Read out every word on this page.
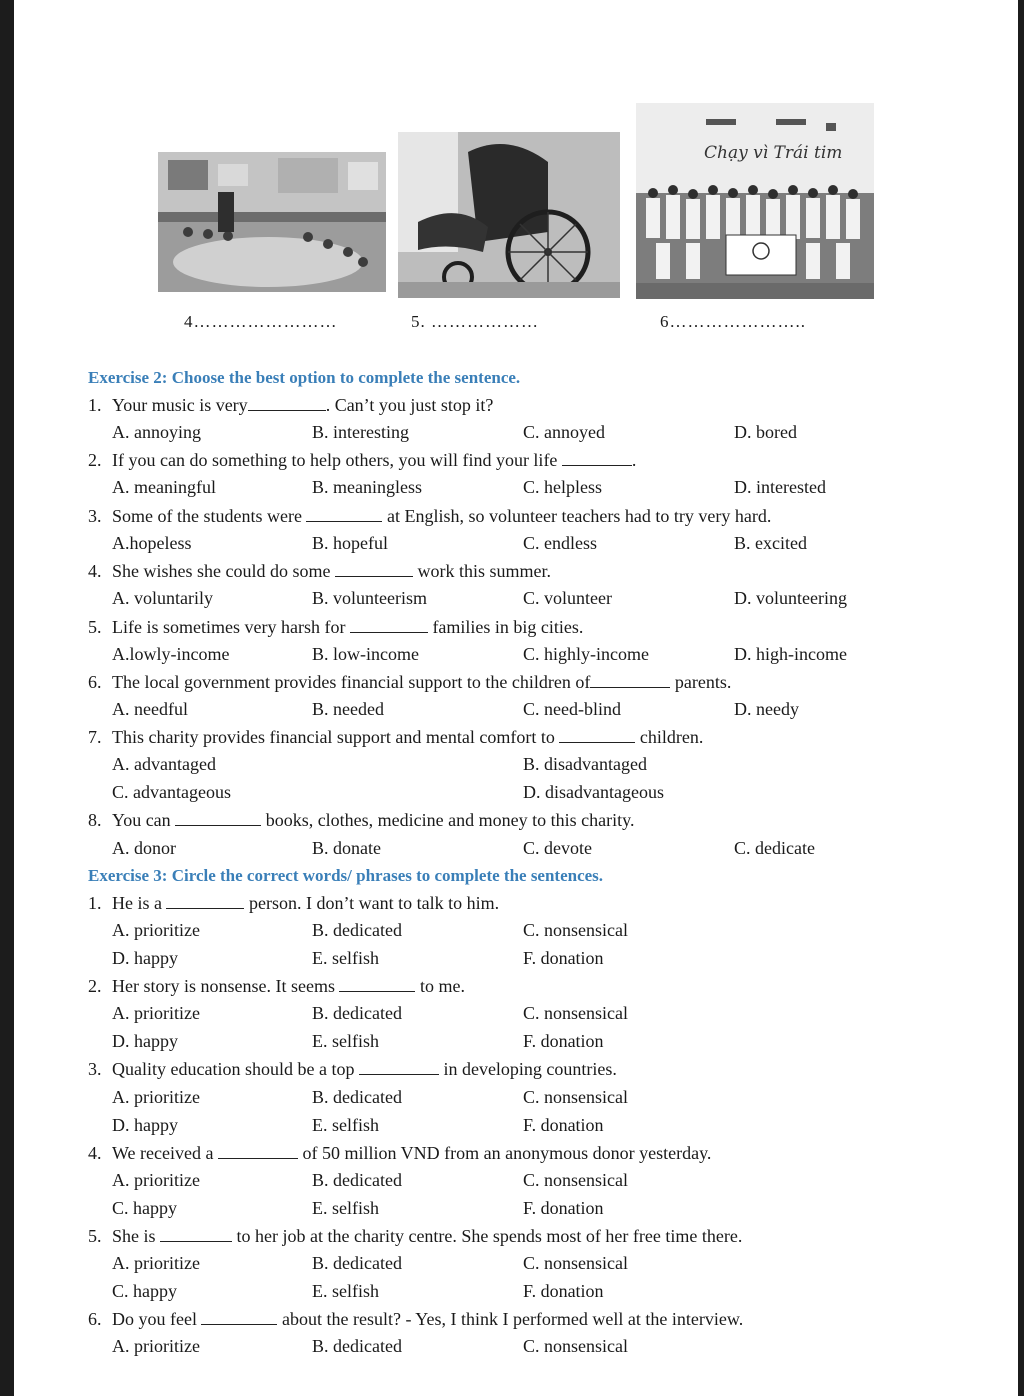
Chạy vì Trái tim
4……………………	5. ………………	6…………………..
Exercise 2: Choose the best option to complete the sentence.
1. Your music is very	. Can’t you just stop it?
A. annoying	B. interesting	C. annoyed	D. bored
2. If you can do something to help others, you will find your life	.
A. meaningful	B. meaningless	C. helpless	D. interested
3. Some of the students were	at English, so volunteer teachers had to try very hard.
A.hopeless	B. hopeful	C. endless	B. excited
4. She wishes she could do some	work this summer.
A. voluntarily	B. volunteerism	C. volunteer	D. volunteering
5. Life is sometimes very harsh for	families in big cities.
A.lowly-income	B. low-income	C. highly-income	D. high-income
6. The local government provides financial support to the children of	parents.
A. needful	B. needed	C. need-blind	D. needy
7. This charity provides financial support and mental comfort to	children.
A. advantaged	B. disadvantaged
C. advantageous	D. disadvantageous
8. You can	books, clothes, medicine and money to this charity.
A. donor	B. donate	C. devote	C. dedicate
Exercise 3: Circle the correct words/ phrases to complete the sentences.
1. He is a	person. I don’t want to talk to him.
A. prioritize	B. dedicated	C. nonsensical
D. happy	E. selfish	F. donation
2. Her story is nonsense. It seems	to me.
A. prioritize	B. dedicated	C. nonsensical
D. happy	E. selfish	F. donation
3. Quality education should be a top	in developing countries.
A. prioritize	B. dedicated	C. nonsensical
D. happy	E. selfish	F. donation
4. We received a	of 50 million VND from an anonymous donor yesterday.
A. prioritize	B. dedicated	C. nonsensical
C. happy	E. selfish	F. donation
5. She is	to her job at the charity centre. She spends most of her free time there.
A. prioritize	B. dedicated	C. nonsensical
C. happy	E. selfish	F. donation
6. Do you feel	about the result? - Yes, I think I performed well at the interview.
A. prioritize	B. dedicated	C. nonsensical
